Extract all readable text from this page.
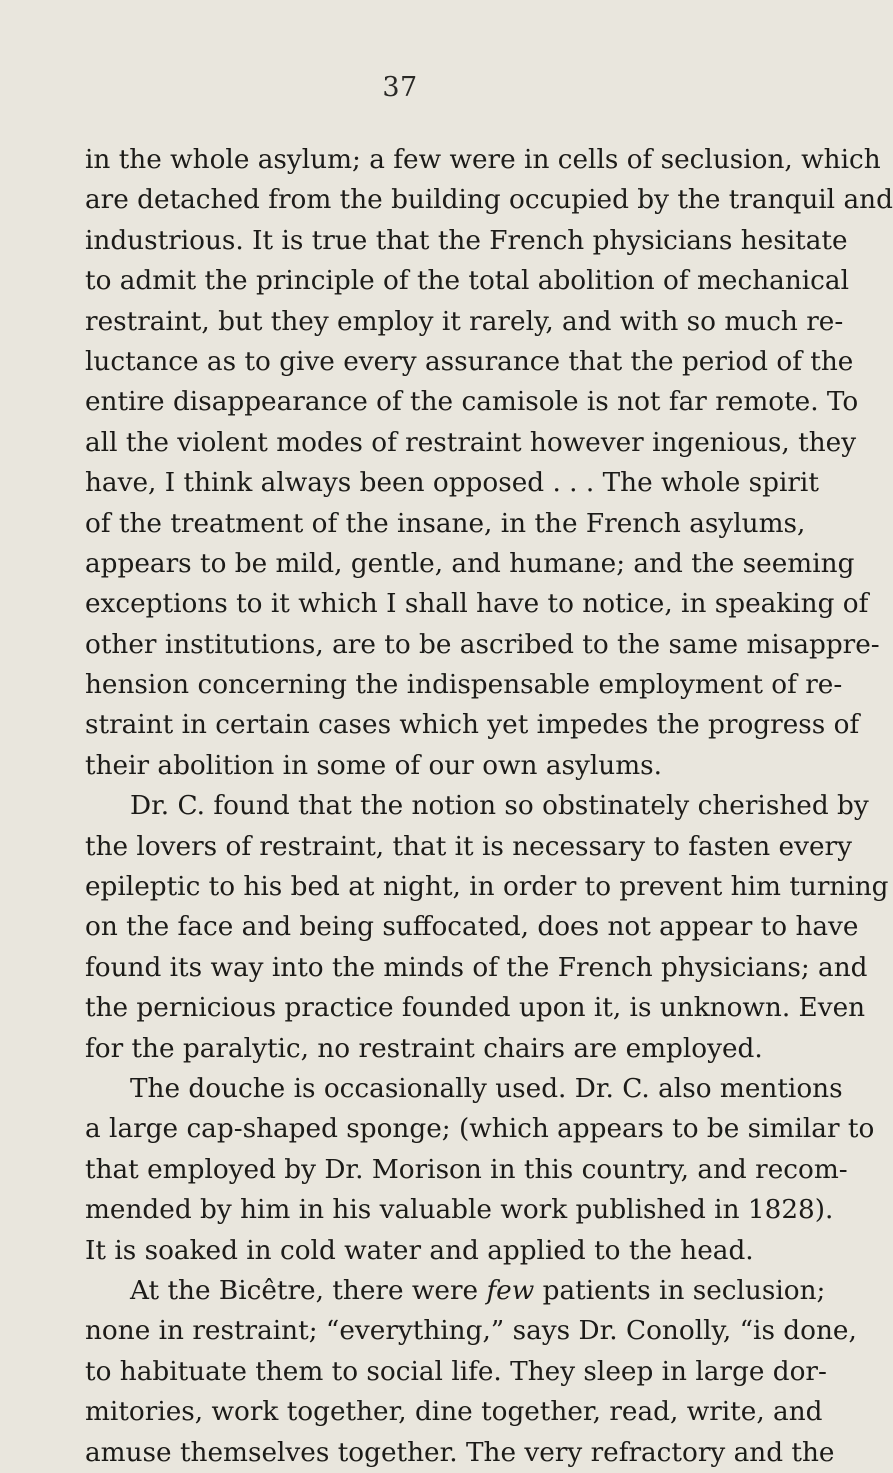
37
in the whole asylum; a few were in cells of seclusion, which
are detached from the building occupied by the tranquil and
industrious. It is true that the French physicians hesitate
to admit the principle of the total abolition of mechanical
restraint, but they employ it rarely, and with so much re-
luctance as to give every assurance that the period of the
entire disappearance of the camisole is not far remote. To
all the violent modes of restraint however ingenious, they
have, I think always been opposed . . . The whole spirit
of the treatment of the insane, in the French asylums,
appears to be mild, gentle, and humane; and the seeming
exceptions to it which I shall have to notice, in speaking of
other institutions, are to be ascribed to the same misappre-
hension concerning the indispensable employment of re-
straint in certain cases which yet impedes the progress of
their abolition in some of our own asylums.
Dr. C. found that the notion so obstinately cherished by
the lovers of restraint, that it is necessary to fasten every
epileptic to his bed at night, in order to prevent him turning
on the face and being suffocated, does not appear to have
found its way into the minds of the French physicians; and
the pernicious practice founded upon it, is unknown. Even
for the paralytic, no restraint chairs are employed.
The douche is occasionally used. Dr. C. also mentions
a large cap-shaped sponge; (which appears to be similar to
that employed by Dr. Morison in this country, and recom-
mended by him in his valuable work published in 1828).
It is soaked in cold water and applied to the head.
At the Bicêtre, there were few patients in seclusion;
none in restraint; “everything,” says Dr. Conolly, “is done,
to habituate them to social life. They sleep in large dor-
mitories, work together, dine together, read, write, and
amuse themselves together. The very refractory and the
